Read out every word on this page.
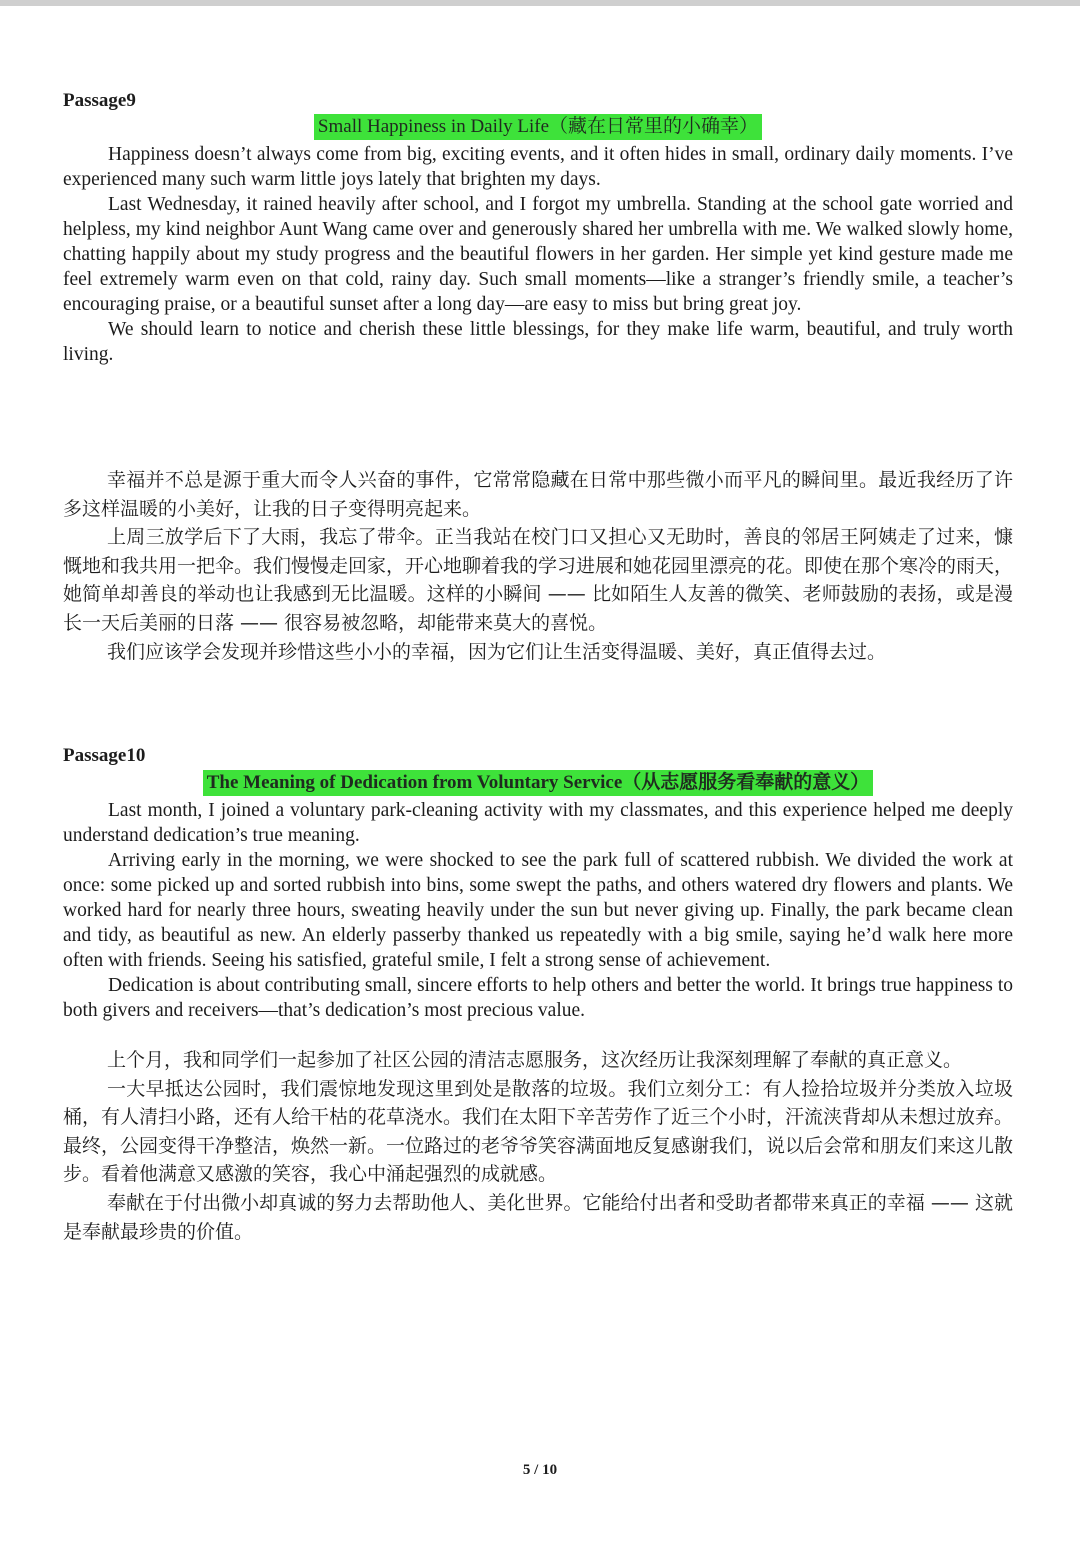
Passage9
Small Happiness in Daily Life（藏在日常里的小确幸）

Happiness doesn’t always come from big, exciting events, and it often hides in small, ordinary daily moments. I’ve experienced many such warm little joys lately that brighten my days.

Last Wednesday, it rained heavily after school, and I forgot my umbrella. Standing at the school gate worried and helpless, my kind neighbor Aunt Wang came over and generously shared her umbrella with me. We walked slowly home, chatting happily about my study progress and the beautiful flowers in her garden. Her simple yet kind gesture made me feel extremely warm even on that cold, rainy day. Such small moments—like a stranger’s friendly smile, a teacher’s encouraging praise, or a beautiful sunset after a long day—are easy to miss but bring great joy.

We should learn to notice and cherish these little blessings, for they make life warm, beautiful, and truly worth living.

幸福并不总是源于重大而令人兴奋的事件，它常常隐藏在日常中那些微小而平凡的瞬间里。最近我经历了许多这样温暖的小美好，让我的日子变得明亮起来。

上周三放学后下了大雨，我忘了带伞。正当我站在校门口又担心又无助时，善良的邻居王阿姨走了过来，慷慨地和我共用一把伞。我们慢慢走回家，开心地聊着我的学习进展和她花园里漂亮的花。即使在那个寒冷的雨天，她简单却善良的举动也让我感到无比温暖。这样的小瞬间 —— 比如陌生人友善的微笑、老师鼓励的表扬，或是漫长一天后美丽的日落 —— 很容易被忽略，却能带来莫大的喜悦。

我们应该学会发现并珍惜这些小小的幸福，因为它们让生活变得温暖、美好，真正值得去过。

Passage10
The Meaning of Dedication from Voluntary Service（从志愿服务看奉献的意义）

Last month, I joined a voluntary park-cleaning activity with my classmates, and this experience helped me deeply understand dedication’s true meaning.

Arriving early in the morning, we were shocked to see the park full of scattered rubbish. We divided the work at once: some picked up and sorted rubbish into bins, some swept the paths, and others watered dry flowers and plants. We worked hard for nearly three hours, sweating heavily under the sun but never giving up. Finally, the park became clean and tidy, as beautiful as new. An elderly passerby thanked us repeatedly with a big smile, saying he’d walk here more often with friends. Seeing his satisfied, grateful smile, I felt a strong sense of achievement.

Dedication is about contributing small, sincere efforts to help others and better the world. It brings true happiness to both givers and receivers—that’s dedication’s most precious value.

上个月，我和同学们一起参加了社区公园的清洁志愿服务，这次经历让我深刻理解了奉献的真正意义。

一大早抵达公园时，我们震惊地发现这里到处是散落的垃圾。我们立刻分工：有人捡拾垃圾并分类放入垃圾桶，有人清扫小路，还有人给干枯的花草浇水。我们在太阳下辛苦劳作了近三个小时，汗流浃背却从未想过放弃。最终，公园变得干净整洁，焕然一新。一位路过的老爷爷笑容满面地反复感谢我们，说以后会常和朋友们来这儿散步。看着他满意又感激的笑容，我心中涌起强烈的成就感。

奉献在于付出微小却真诚的努力去帮助他人、美化世界。它能给付出者和受助者都带来真正的幸福 —— 这就是奉献最珍贵的价值。

5 / 10
